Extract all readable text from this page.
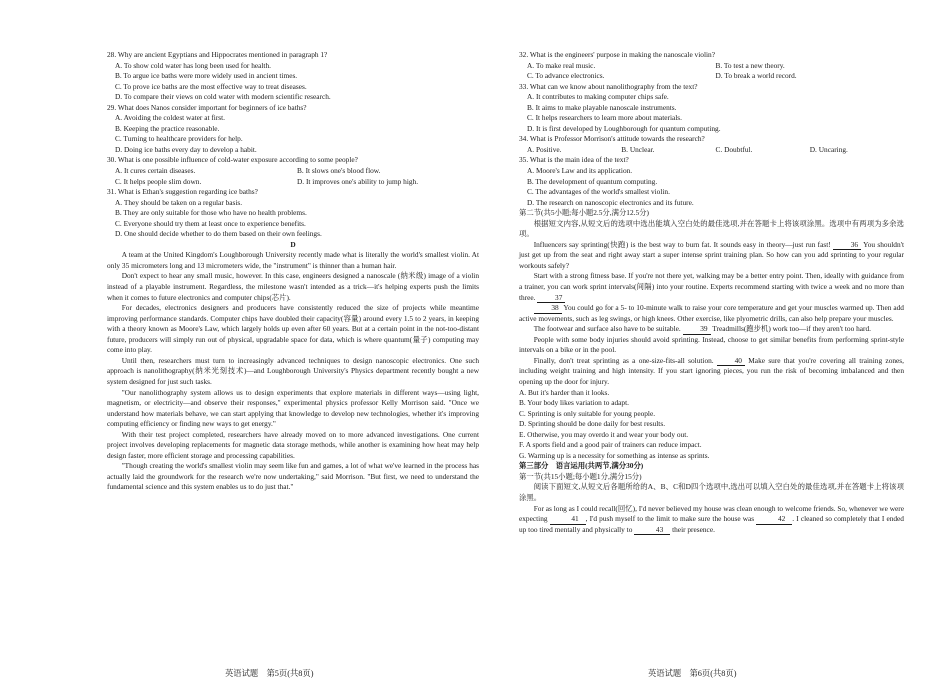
28. Why are ancient Egyptians and Hippocrates mentioned in paragraph 1?
A. To show cold water has long been used for health.
B. To argue ice baths were more widely used in ancient times.
C. To prove ice baths are the most effective way to treat diseases.
D. To compare their views on cold water with modern scientific research.
29. What does Nanos consider important for beginners of ice baths?
A. Avoiding the coldest water at first.
B. Keeping the practice reasonable.
C. Turning to healthcare providers for help.
D. Doing ice baths every day to develop a habit.
30. What is one possible influence of cold-water exposure according to some people?
A. It cures certain diseases.	B. It slows one's blood flow.
C. It helps people slim down.	D. It improves one's ability to jump high.
31. What is Ethan's suggestion regarding ice baths?
A. They should be taken on a regular basis.
B. They are only suitable for those who have no health problems.
C. Everyone should try them at least once to experience benefits.
D. One should decide whether to do them based on their own feelings.
D
A team at the United Kingdom's Loughborough University recently made what is literally the world's smallest violin. At only 35 micrometers long and 13 micrometers wide, the "instrument" is thinner than a human hair.
Don't expect to hear any small music, however. In this case, engineers designed a nanoscale (纳米级) image of a violin instead of a playable instrument. Regardless, the milestone wasn't intended as a trick—it's helping experts push the limits when it comes to future electronics and computer chips(芯片).
For decades, electronics designers and producers have consistently reduced the size of projects while meantime improving performance standards. Computer chips have doubled their capacity(容量) around every 1.5 to 2 years, in keeping with a theory known as Moore's Law, which largely holds up even after 60 years. But at a certain point in the not-too-distant future, producers will simply run out of physical, upgradable space for data, which is where quantum(量子) computing may come into play.
Until then, researchers must turn to increasingly advanced techniques to design nanoscopic electronics. One such approach is nanolithography(纳米光刻技术)—and Loughborough University's Physics department recently bought a new system designed for just such tasks.
"Our nanolithography system allows us to design experiments that explore materials in different ways—using light, magnetism, or electricity—and observe their responses," experimental physics professor Kelly Morrison said. "Once we understand how materials behave, we can start applying that knowledge to develop new technologies, whether it's improving computing efficiency or finding new ways to get energy."
With their test project completed, researchers have already moved on to more advanced investigations. One current project involves developing replacements for magnetic data storage methods, while another is examining how heat may help design faster, more efficient storage and processing capabilities.
"Though creating the world's smallest violin may seem like fun and games, a lot of what we've learned in the process has actually laid the groundwork for the research we're now undertaking," said Morrison. "But first, we need to understand the fundamental science and this system enables us to do just that."
英语试题　第5页(共8页)
32. What is the engineers' purpose in making the nanoscale violin?
A. To make real music.	B. To test a new theory.
C. To advance electronics.	D. To break a world record.
33. What can we know about nanolithography from the text?
A. It contributes to making computer chips safe.
B. It aims to make playable nanoscale instruments.
C. It helps researchers to learn more about materials.
D. It is first developed by Loughborough for quantum computing.
34. What is Professor Morrison's attitude towards the research?
A. Positive.	B. Unclear.	C. Doubtful.	D. Uncaring.
35. What is the main idea of the text?
A. Moore's Law and its application.
B. The development of quantum computing.
C. The advantages of the world's smallest violin.
D. The research on nanoscopic electronics and its future.
第二节(共5小题;每小题2.5分,满分12.5分)
根据短文内容,从短文后的选项中选出能填入空白处的最佳选项,并在答题卡上将该项涂黑。选项中有两项为多余选项。
Influencers say sprinting(快跑) is the best way to burn fat. It sounds easy in theory—just run fast!	36 You shouldn't just get up from the seat and right away start a super intense sprint training plan. So how can you add sprinting to your regular workouts safely?
Start with a strong fitness base. If you're not there yet, walking may be a better entry point. Then, ideally with guidance from a trainer, you can work sprint intervals(间隔) into your routine. Experts recommend starting with twice a week and no more than three.	37
38 You could go for a 5- to 10-minute walk to raise your core temperature and get your muscles warmed up. Then add active movements, such as leg swings, or high knees. Other exercise, like plyometric drills, can also help prepare your muscles.
The footwear and surface also have to be suitable.	39 Treadmills(跑步机) work too—if they aren't too hard.
People with some body injuries should avoid sprinting. Instead, choose to get similar benefits from performing sprint-style intervals on a bike or in the pool.
Finally, don't treat sprinting as a one-size-fits-all solution.	40 Make sure that you're covering all training zones, including weight training and high intensity. If you start ignoring pieces, you run the risk of becoming imbalanced and then opening up the door for injury.
A. But it's harder than it looks.
B. Your body likes variation to adapt.
C. Sprinting is only suitable for young people.
D. Sprinting should be done daily for best results.
E. Otherwise, you may overdo it and wear your body out.
F. A sports field and a good pair of trainers can reduce impact.
G. Warming up is a necessity for something as intense as sprints.
第三部分　语言运用(共两节,满分30分)
第一节(共15小题;每小题1分,满分15分)
阅读下面短文,从短文后各题所给的A、B、C和D四个选项中,选出可以填入空白处的最佳选项,并在答题卡上将该项涂黑。
For as long as I could recall(回忆), I'd never believed my house was clean enough to welcome friends. So, whenever we were expecting	41 , I'd push myself to the limit to make sure the house was	42 . I cleaned so completely that I ended up too tired mentally and physically to	43 their presence.
英语试题　第6页(共8页)
